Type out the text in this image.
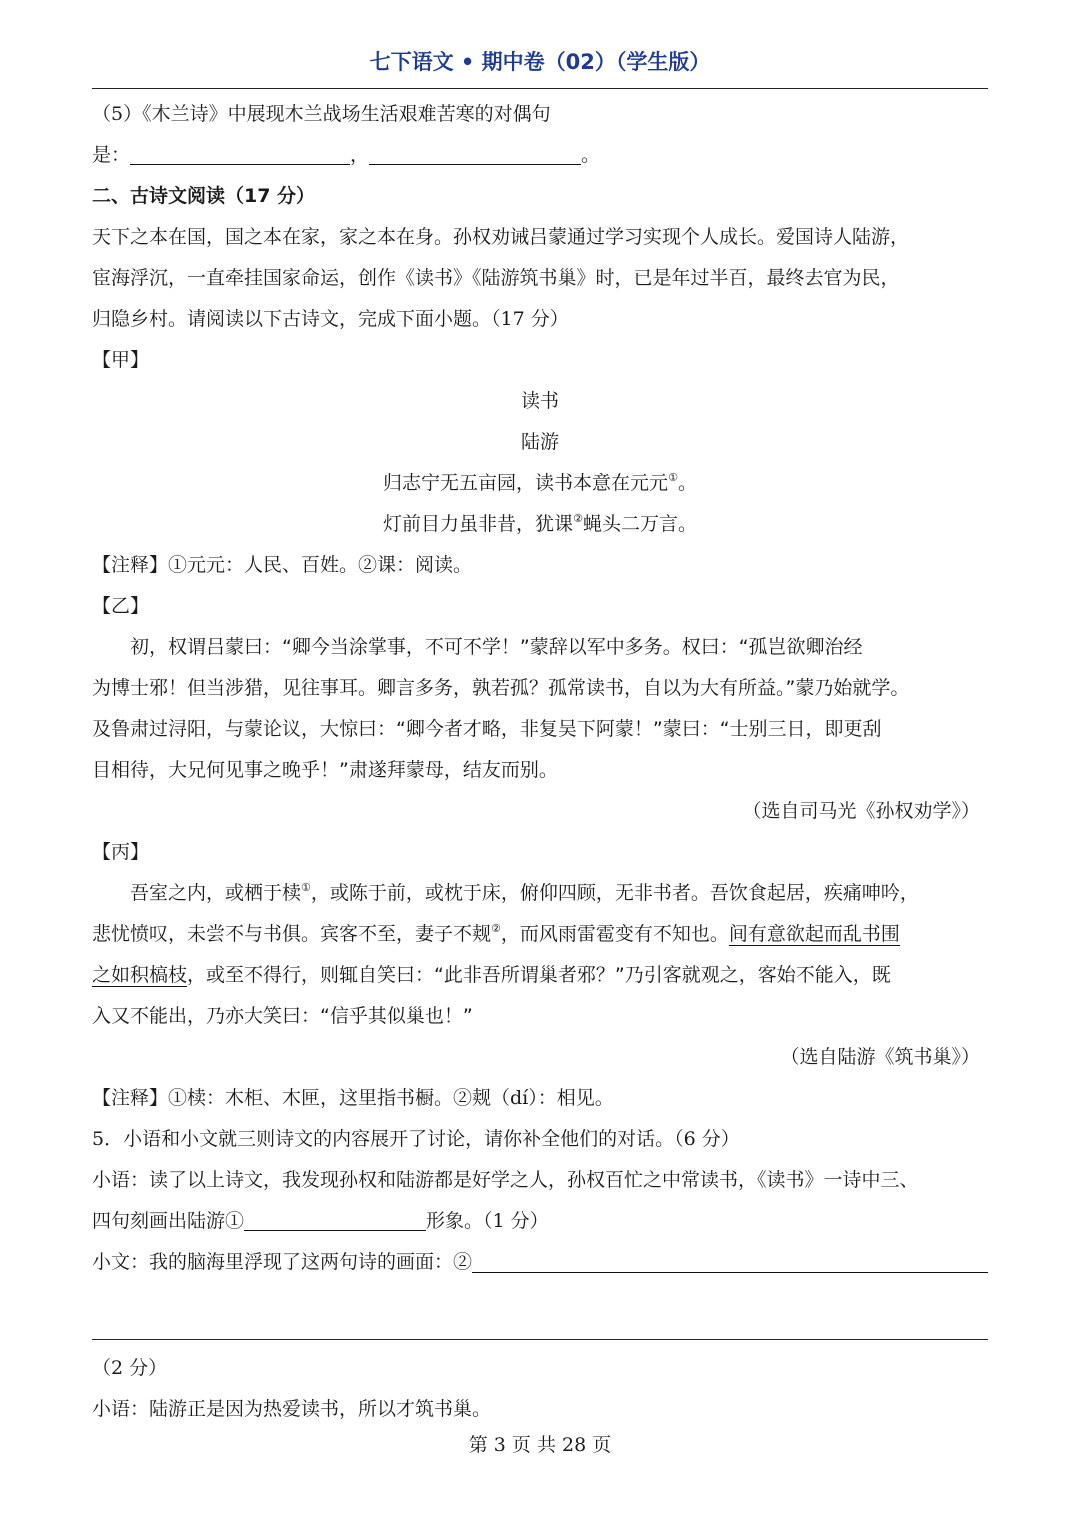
七下语文 • 期中卷（02）（学生版）
（5）《木兰诗》中展现木兰战场生活艰难苦寒的对偶句
是：	，	。
二、古诗文阅读（17 分）
天下之本在国，国之本在家，家之本在身。孙权劝诫吕蒙通过学习实现个人成长。爱国诗人陆游，
宦海浮沉，一直牵挂国家命运，创作《读书》《陆游筑书巢》时，已是年过半百，最终去官为民，
归隐乡村。请阅读以下古诗文，完成下面小题。（17 分）
【甲】
读书
陆游
归志宁无五亩园，读书本意在元元①。
灯前目力虽非昔，犹课②蝇头二万言。
【注释】①元元：人民、百姓。②课：阅读。
【乙】
初，权谓吕蒙曰：“卿今当涂掌事，不可不学！”蒙辞以军中多务。权曰：“孤岂欲卿治经
为博士邪！但当涉猎，见往事耳。卿言多务，孰若孤？孤常读书，自以为大有所益。”蒙乃始就学。
及鲁肃过浔阳，与蒙论议，大惊曰：“卿今者才略，非复吴下阿蒙！”蒙曰：“士别三日，即更刮
目相待，大兄何见事之晚乎！”肃遂拜蒙母，结友而别。
（选自司马光《孙权劝学》）
【丙】
吾室之内，或栖于椟①，或陈于前，或枕于床，俯仰四顾，无非书者。吾饮食起居，疾痛呻吟，
悲忧愤叹，未尝不与书俱。宾客不至，妻子不觌②，而风雨雷雹变有不知也。间有意欲起而乱书围
之如积槁枝，或至不得行，则辄自笑曰：“此非吾所谓巢者邪？”乃引客就观之，客始不能入，既
入又不能出，乃亦大笑曰：“信乎其似巢也！”
（选自陆游《筑书巢》）
【注释】①椟：木柜、木匣，这里指书橱。②觌（dí）：相见。
5．小语和小文就三则诗文的内容展开了讨论，请你补全他们的对话。（6 分）
小语：读了以上诗文，我发现孙权和陆游都是好学之人，孙权百忙之中常读书，《读书》一诗中三、
四句刻画出陆游①	形象。（1 分）
小文：我的脑海里浮现了这两句诗的画面：②
（2 分）
小语：陆游正是因为热爱读书，所以才筑书巢。
第 3 页 共 28 页
